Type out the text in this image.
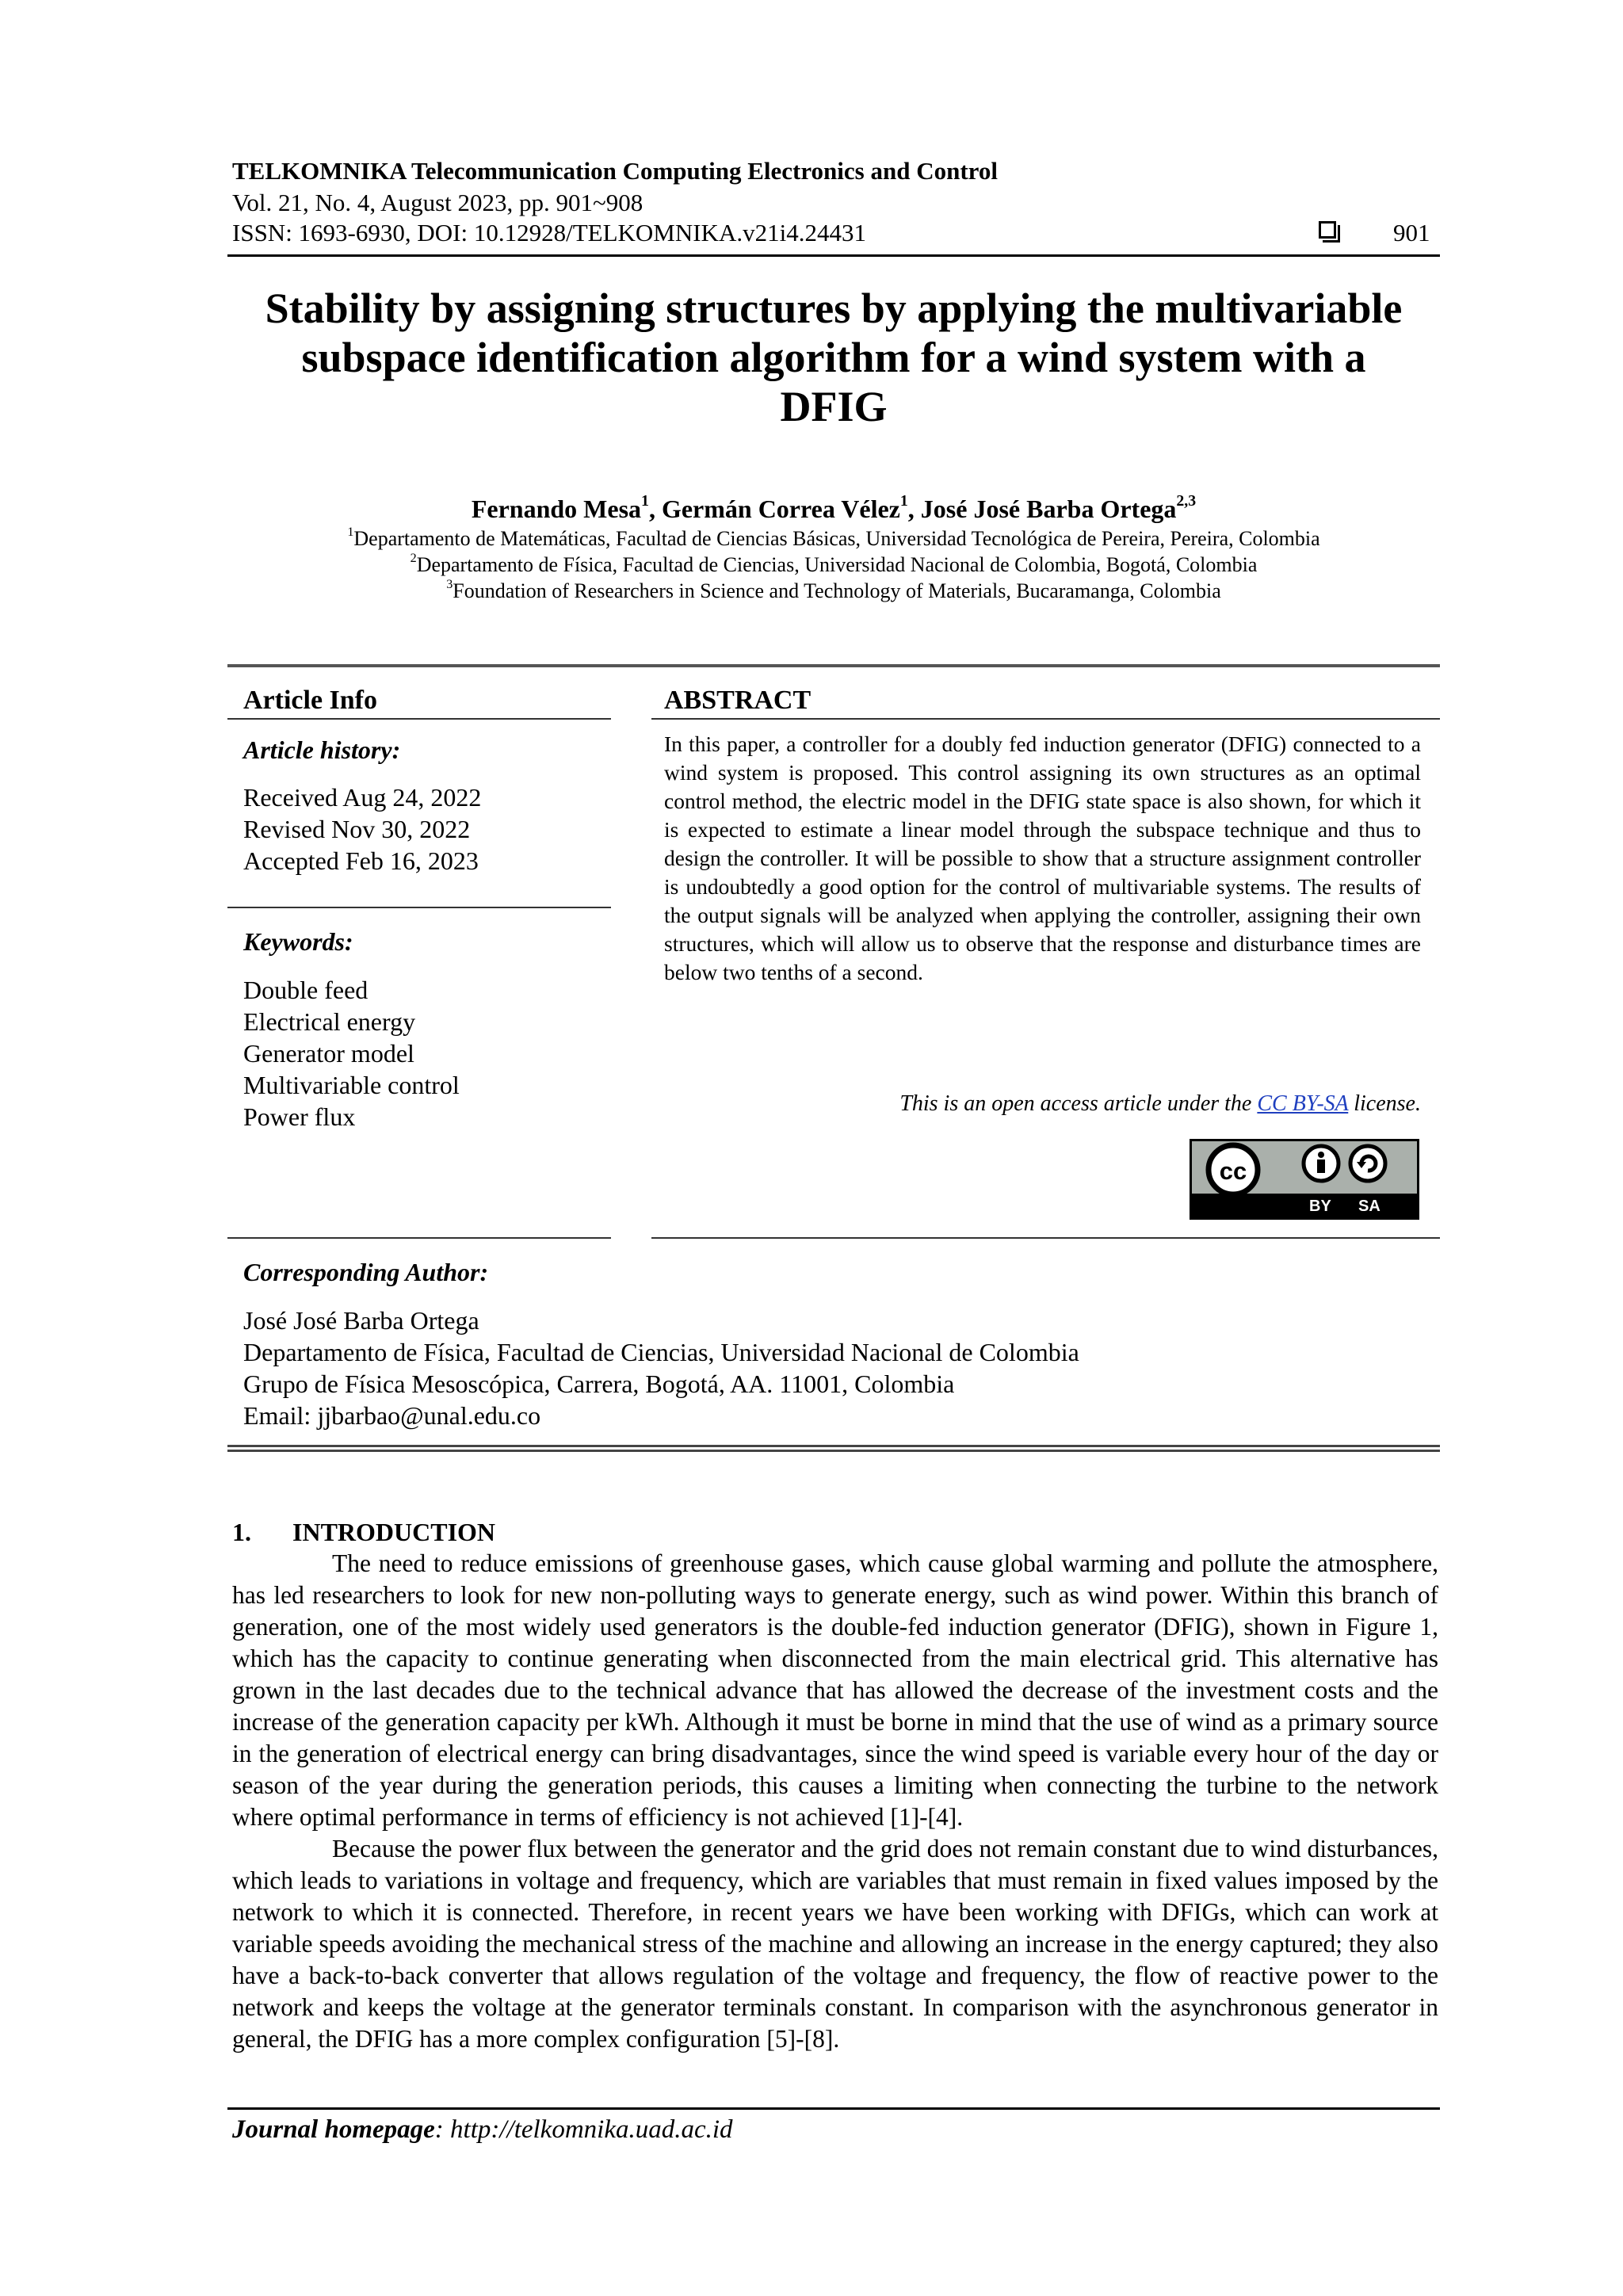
TELKOMNIKA Telecommunication Computing Electronics and Control
Vol. 21, No. 4, August 2023, pp. 901~908
ISSN: 1693-6930, DOI: 10.12928/TELKOMNIKA.v21i4.24431	901
Stability by assigning structures by applying the multivariable
subspace identification algorithm for a wind system with a
DFIG
Fernando Mesa$^1$, Germán Correa Vélez$^1$, José José Barba Ortega$^{2,3}$
$^1$Departamento de Matemáticas, Facultad de Ciencias Básicas, Universidad Tecnológica de Pereira, Pereira, Colombia
$^2$Departamento de Física, Facultad de Ciencias, Universidad Nacional de Colombia, Bogotá, Colombia
$^3$Foundation of Researchers in Science and Technology of Materials, Bucaramanga, Colombia
Article Info
Article history:
Received Aug 24, 2022
Revised Nov 30, 2022
Accepted Feb 16, 2023
Keywords:
Double feed
Electrical energy
Generator model
Multivariable control
Power flux
ABSTRACT
In this paper, a controller for a doubly fed induction generator (DFIG) connected to a wind system is proposed. This control assigning its own structures as an optimal control method, the electric model in the DFIG state space is also shown, for which it is expected to estimate a linear model through the subspace technique and thus to design the controller. It will be possible to show that a structure assignment controller is undoubtedly a good option for the control of multivariable systems. The results of the output signals will be analyzed when applying the controller, assigning their own structures, which will allow us to observe that the response and disturbance times are below two tenths of a second.
This is an open access article under the CC BY-SA license.
cc
BY SA
Corresponding Author:
José José Barba Ortega
Departamento de Física, Facultad de Ciencias, Universidad Nacional de Colombia
Grupo de Física Mesoscópica, Carrera, Bogotá, AA. 11001, Colombia
Email: jjbarbao@unal.edu.co
1. INTRODUCTION

The need to reduce emissions of greenhouse gases, which cause global warming and pollute the atmosphere, has led researchers to look for new non-polluting ways to generate energy, such as wind power. Within this branch of generation, one of the most widely used generators is the double-fed induction generator (DFIG), shown in Figure 1, which has the capacity to continue generating when disconnected from the main electrical grid. This alternative has grown in the last decades due to the technical advance that has allowed the decrease of the investment costs and the increase of the generation capacity per kWh. Although it must be borne in mind that the use of wind as a primary source in the generation of electrical energy can bring disadvantages, since the wind speed is variable every hour of the day or season of the year during the generation periods, this causes a limiting when connecting the turbine to the network where optimal performance in terms of efficiency is not achieved [1]-[4].

Because the power flux between the generator and the grid does not remain constant due to wind disturbances, which leads to variations in voltage and frequency, which are variables that must remain in fixed values imposed by the network to which it is connected. Therefore, in recent years we have been working with DFIGs, which can work at variable speeds avoiding the mechanical stress of the machine and allowing an increase in the energy captured; they also have a back-to-back converter that allows regulation of the voltage and frequency, the flow of reactive power to the network and keeps the voltage at the generator terminals constant. In comparison with the asynchronous generator in general, the DFIG has a more complex configuration [5]-[8].

Journal homepage: http://telkomnika.uad.ac.id
